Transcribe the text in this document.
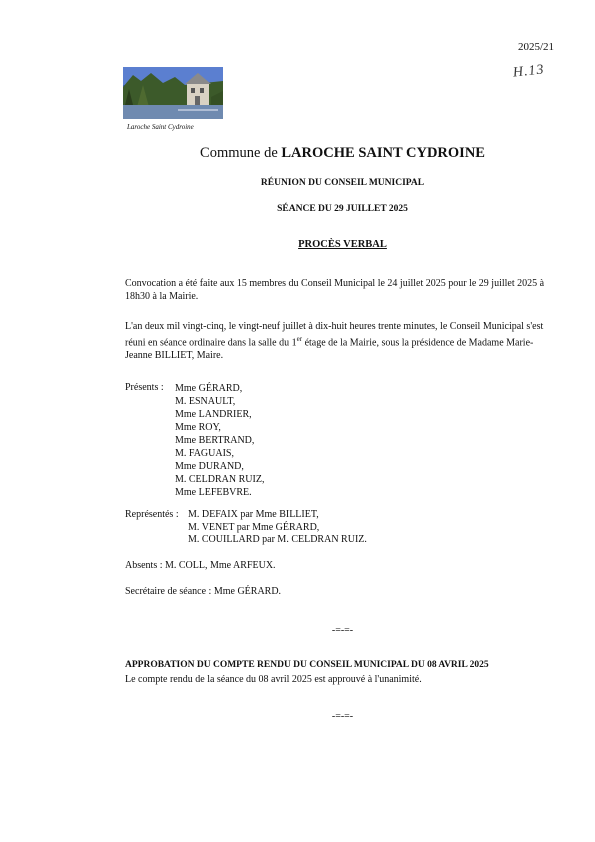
2025/21
H.13
Laroche Saint Cydroine
Commune de LAROCHE SAINT CYDROINE
RÉUNION DU CONSEIL MUNICIPAL
SÉANCE DU 29 JUILLET 2025
PROCÈS VERBAL
Convocation a été faite aux 15 membres du Conseil Municipal le 24 juillet 2025 pour le 29 juillet 2025 à 18h30 à la Mairie.
L'an deux mil vingt-cinq, le vingt-neuf juillet à dix-huit heures trente minutes, le Conseil Municipal s'est réuni en séance ordinaire dans la salle du 1er étage de la Mairie, sous la présidence de Madame Marie-Jeanne BILLIET, Maire.
Présents : Mme GÉRARD,
M. ESNAULT,
Mme LANDRIER,
Mme ROY,
Mme BERTRAND,
M. FAGUAIS,
Mme DURAND,
M. CELDRAN RUIZ,
Mme LEFEBVRE.
Représentés : M. DEFAIX par Mme BILLIET,
M. VENET par Mme GÉRARD,
M. COUILLARD par M. CELDRAN RUIZ.
Absents : M. COLL, Mme ARFEUX.
Secrétaire de séance : Mme GÉRARD.
-=-=-
APPROBATION DU COMPTE RENDU DU CONSEIL MUNICIPAL DU 08 AVRIL 2025
Le compte rendu de la séance du 08 avril 2025 est approuvé à l'unanimité.
-=-=-
